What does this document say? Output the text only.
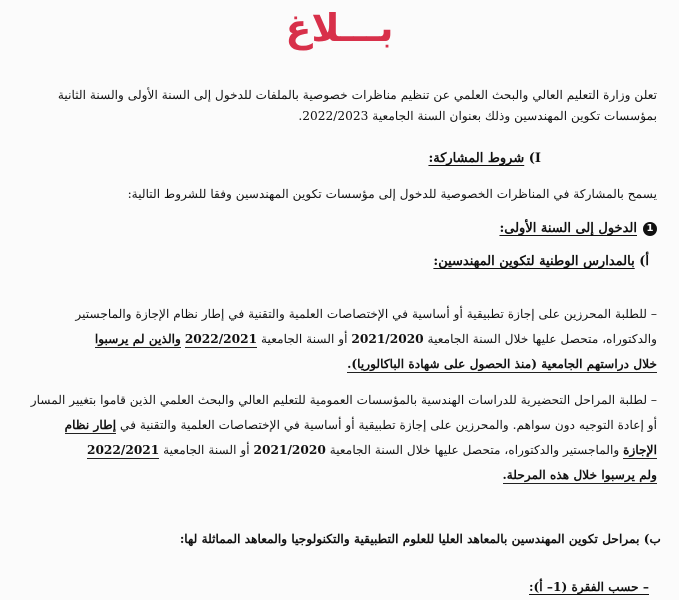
بـــلاغ

تعلن وزارة التعليم العالي والبحث العلمي عن تنظيم مناظرات خصوصية بالملفات للدخول إلى السنة الأولى والسنة الثانية

بمؤسسات تكوين المهندسين وذلك بعنوان السنة الجامعية 2022/2023.

I) شروط المشاركة:

يسمح بالمشاركة في المناظرات الخصوصية للدخول إلى مؤسسات تكوين المهندسين وفقا للشروط التالية:

1الدخول إلى السنة الأولى:

أ) بالمدارس الوطنية لتكوين المهندسين:

– للطلبة المحرزين على إجازة تطبيقية أو أساسية في الإختصاصات العلمية والتقنية في إطار نظام الإجازة والماجستير

والدكتوراه، متحصل عليها خلال السنة الجامعية 2021/2020 أو السنة الجامعية 2022/2021 والذين لم يرسبوا

خلال دراستهم الجامعية (منذ الحصول على شهادة الباكالوريا).

– لطلبة المراحل التحضيرية للدراسات الهندسية بالمؤسسات العمومية للتعليم العالي والبحث العلمي الذين قاموا بتغيير المسار

أو إعادة التوجيه دون سواهم. والمحرزين على إجازة تطبيقية أو أساسية في الإختصاصات العلمية والتقنية في إطار نظام

الإجازة والماجستير والدكتوراه، متحصل عليها خلال السنة الجامعية 2021/2020 أو السنة الجامعية 2022/2021

ولم يرسبوا خلال هذه المرحلة.

ب) بمراحل تكوين المهندسين بالمعاهد العليا للعلوم التطبيقية والتكنولوجيا والمعاهد المماثلة لها:

– حسب الفقرة (1– أ):
